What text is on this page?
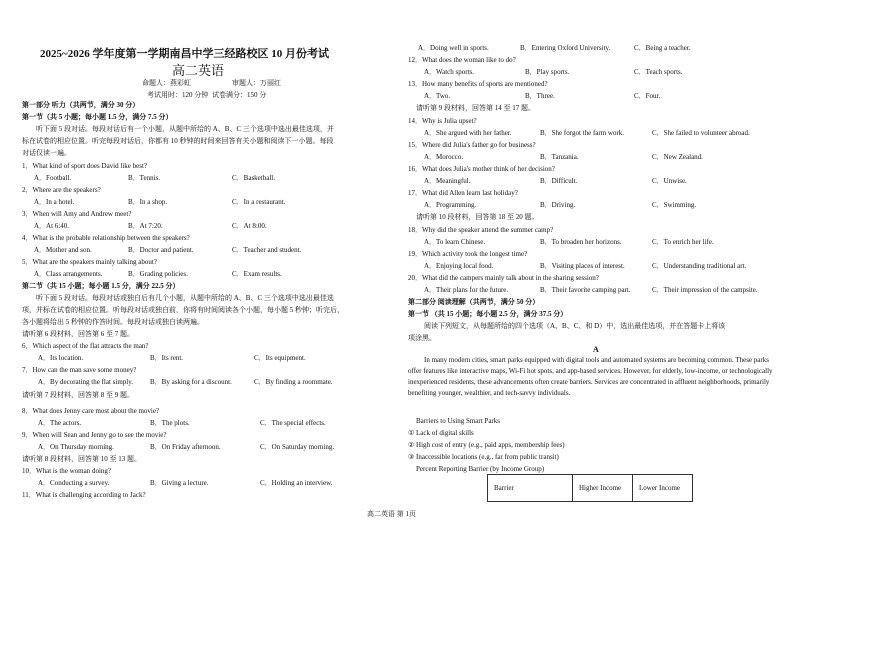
2025~2026 学年度第一学期南昌中学三经路校区 10 月份考试
高二英语
命题人：燕彩虹	审题人：万丽红
考试用时：120 分钟 试卷满分：150 分
第一部分 听力（共两节，满分 30 分）
第一节（共 5 小题；每小题 1.5 分，满分 7.5 分）
听下面 5 段对话。每段对话后有一个小题，从题中所给的 A、B、C 三个选项中选出最佳选项，并
标在试卷的相应位置。听完每段对话后，你都有 10 秒钟的时间来回答有关小题和阅读下一小题。每段
对话仅读一遍。
1．What kind of sport does David like best?
A．Football.	B．Tennis.	C．Basketball.
2．Where are the speakers?
A．In a hotel.	B．In a shop.	C．In a restaurant.
3．When will Amy and Andrew meet?
A．At 6:40.	B．At 7:20.	C．At 8:00.
4．What is the probable relationship between the speakers?
A．Mother and son.	B．Doctor and patient.	C．Teacher and student.
5．What are the speakers mainly talking about?
A．Class arrangements.	B．Grading policies.	C．Exam results.
第二节（共 15 小题；每小题 1.5 分，满分 22.5 分）
听下面 5 段对话。每段对话或独白后有几个小题，从题中所给的 A、B、C 三个选项中选出最佳选
项，并标在试卷的相应位置。听每段对话或独白前，你将有时间阅读各个小题，每小题 5 秒钟；听完后，
各小题将给出 5 秒钟的作答时间。每段对话或独白读两遍。
请听第 6 段材料，回答第 6 至 7 题。
6．Which aspect of the flat attracts the man?
A．Its location.	B．Its rent.	C．Its equipment.
7．How can the man save some money?
A．By decorating the flat simply. B．By asking for a discount.	C．By finding a roommate.
请听第 7 段材料，回答第 8 至 9 题。
8．What does Jenny care most about the movie?
A．The actors.	B．The plots.	C．The special effects.
9．When will Sean and Jenny go to see the movie?
A．On Thursday morning.	B．On Friday afternoon.	C．On Saturday morning.
请听第 8 段材料，回答第 10 至 13 题。
10．What is the woman doing?
A．Conducting a survey.	B．Giving a lecture.	C．Holding an interview.
11．What is challenging according to Jack?
A．Doing well in sports.	B．Entering Oxford University.	C．Being a teacher.
12．What does the woman like to do?
A．Watch sports.	B．Play sports.	C．Teach sports.
13．How many benefits of sports are mentioned?
A．Two.	B．Three.	C．Four.
请听第 9 段材料，回答第 14 至 17 题。
14．Why is Julia upset?
A．She argued with her father.	B．She forgot the farm work.	C．She failed to volunteer abroad.
15．Where did Julia's father go for business?
A．Morocco.	B．Tanzania.	C．New Zealand.
16．What does Julia's mother think of her decision?
A．Meaningful.	B．Difficult.	C．Unwise.
17．What did Allen learn last holiday?
A．Programming.	B．Driving.	C．Swimming.
请听第 10 段材料，回答第 18 至 20 题。
18．Why did the speaker attend the summer camp?
A．To learn Chinese.	B．To broaden her horizons.	C．To enrich her life.
19．Which activity took the longest time?
A．Enjoying local food.	B．Visiting places of interest.	C．Understanding traditional art.
20．What did the campers mainly talk about in the sharing session?
A．Their plans for the future.	B．Their favorite camping part.	C．Their impression of the campsite.
第二部分 阅读理解（共两节，满分 50 分）
第一节 （共 15 小题；每小题 2.5 分，满分 37.5 分）
阅读下列短文，从每题所给的四个选项（A、B、C、和 D）中，选出最佳选项，并在答题卡上将该
项涂黑。
A
In many modern cities, smart parks equipped with digital tools and automated systems are becoming common. These parks offer features like interactive maps, Wi-Fi hot spots, and app-based services. However, for elderly, low-income, or technologically inexperienced residents, these advancements often create barriers. Services are concentrated in affluent neighborhoods, primarily benefiting younger, wealthier, and tech-savvy individuals.
Barriers to Using Smart Parks
① Lack of digital skills
② High cost of entry (e.g., paid apps, membership fees)
③ Inaccessible locations (e.g., far from public transit)
Percent Reporting Barrier (by Income Group)
Barrier	Higher Income	Lower Income
高二英语 第 1页
